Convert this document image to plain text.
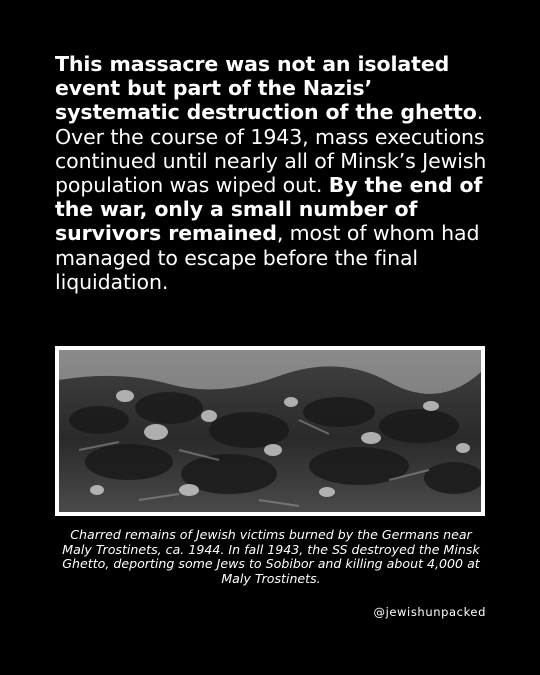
This massacre was not an isolated event but part of the Nazis’ systematic destruction of the ghetto. Over the course of 1943, mass executions continued until nearly all of Minsk’s Jewish population was wiped out. By the end of the war, only a small number of survivors remained, most of whom had managed to escape before the final liquidation.

Charred remains of Jewish victims burned by the Germans near Maly Trostinets, ca. 1944. In fall 1943, the SS destroyed the Minsk Ghetto, deporting some Jews to Sobibor and killing about 4,000 at Maly Trostinets.

@jewishunpacked
